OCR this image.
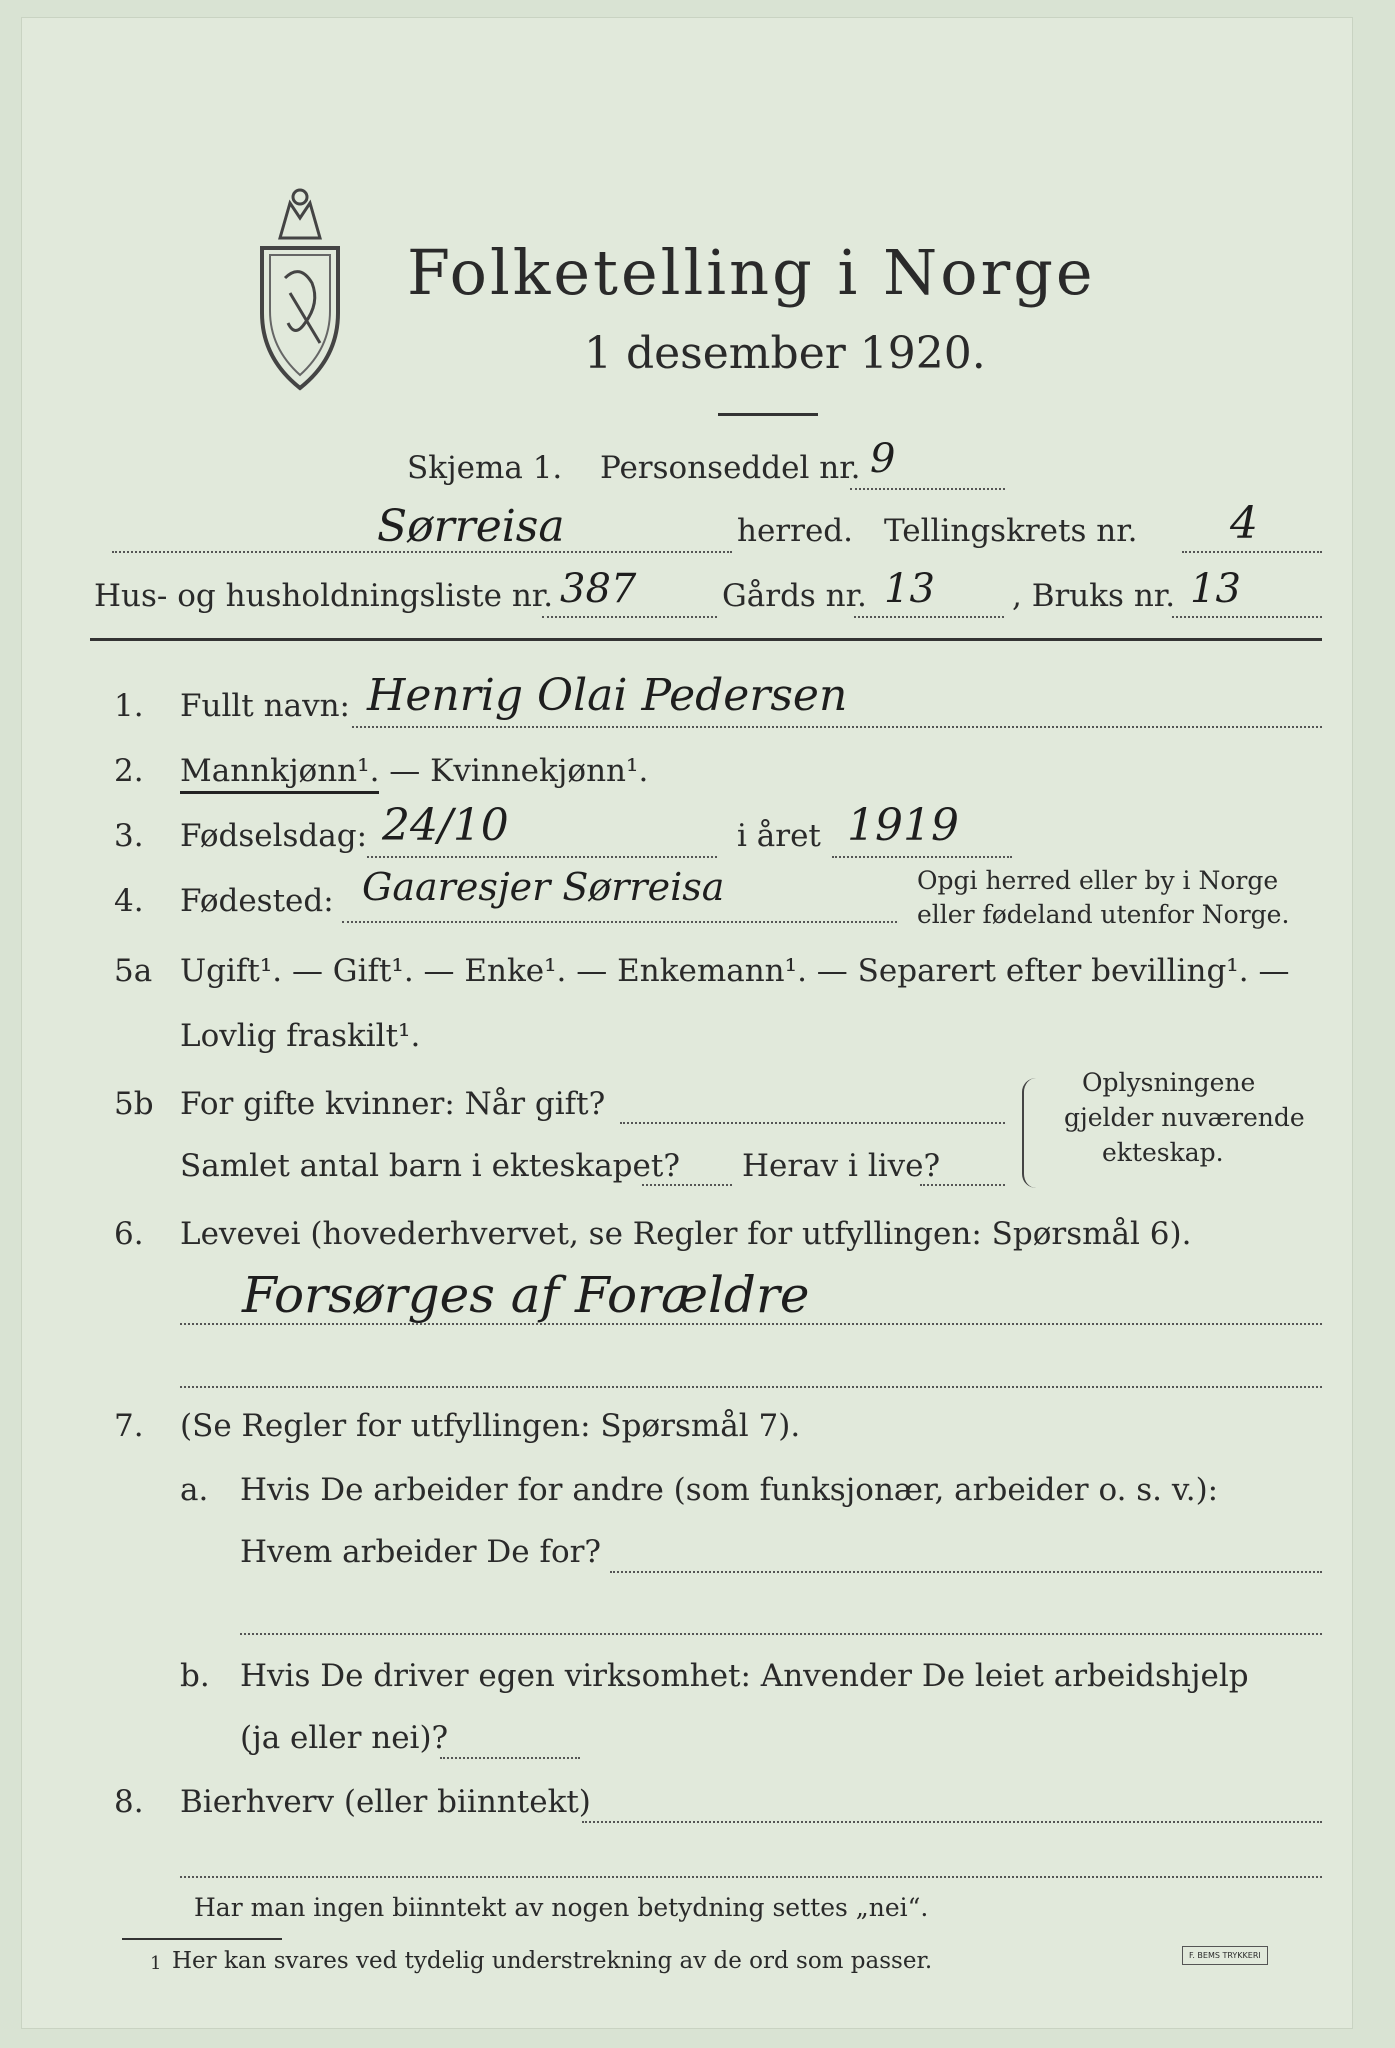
Folketelling i Norge
1 desember 1920.
Skjema 1. Personseddel nr. 9
Sørreisa	herred. Tellingskrets nr. 4
Hus- og husholdningsliste nr. 387	Gårds nr. 13 , Bruks nr. 13
1. Fullt navn: Henrig Olai Pedersen
2. Mannkjønn¹. — Kvinnekjønn¹.
3. Fødselsdag: 24/10	i året 1919
4. Fødested: Gaaresjer Sørreisa	Opgi herred eller by i Norge
eller fødeland utenfor Norge.
5a Ugift¹. — Gift¹. — Enke¹. — Enkemann¹. — Separert efter bevilling¹. —
Lovlig fraskilt¹.
5b For gifte kvinner: Når gift?
Samlet antal barn i ekteskapet? Herav i live?
Oplysningene
gjelder nuværende
ekteskap.
6. Levevei (hovederhvervet, se Regler for utfyllingen: Spørsmål 6).
Forsørges af Forældre
7. (Se Regler for utfyllingen: Spørsmål 7).
a. Hvis De arbeider for andre (som funksjonær, arbeider o. s. v.):
Hvem arbeider De for?
b. Hvis De driver egen virksomhet: Anvender De leiet arbeidshjelp
(ja eller nei)?
8. Bierhverv (eller biinntekt)
Har man ingen biinntekt av nogen betydning settes „nei“.
1 Her kan svares ved tydelig understrekning av de ord som passer.	F. BEMS TRYKKERI
